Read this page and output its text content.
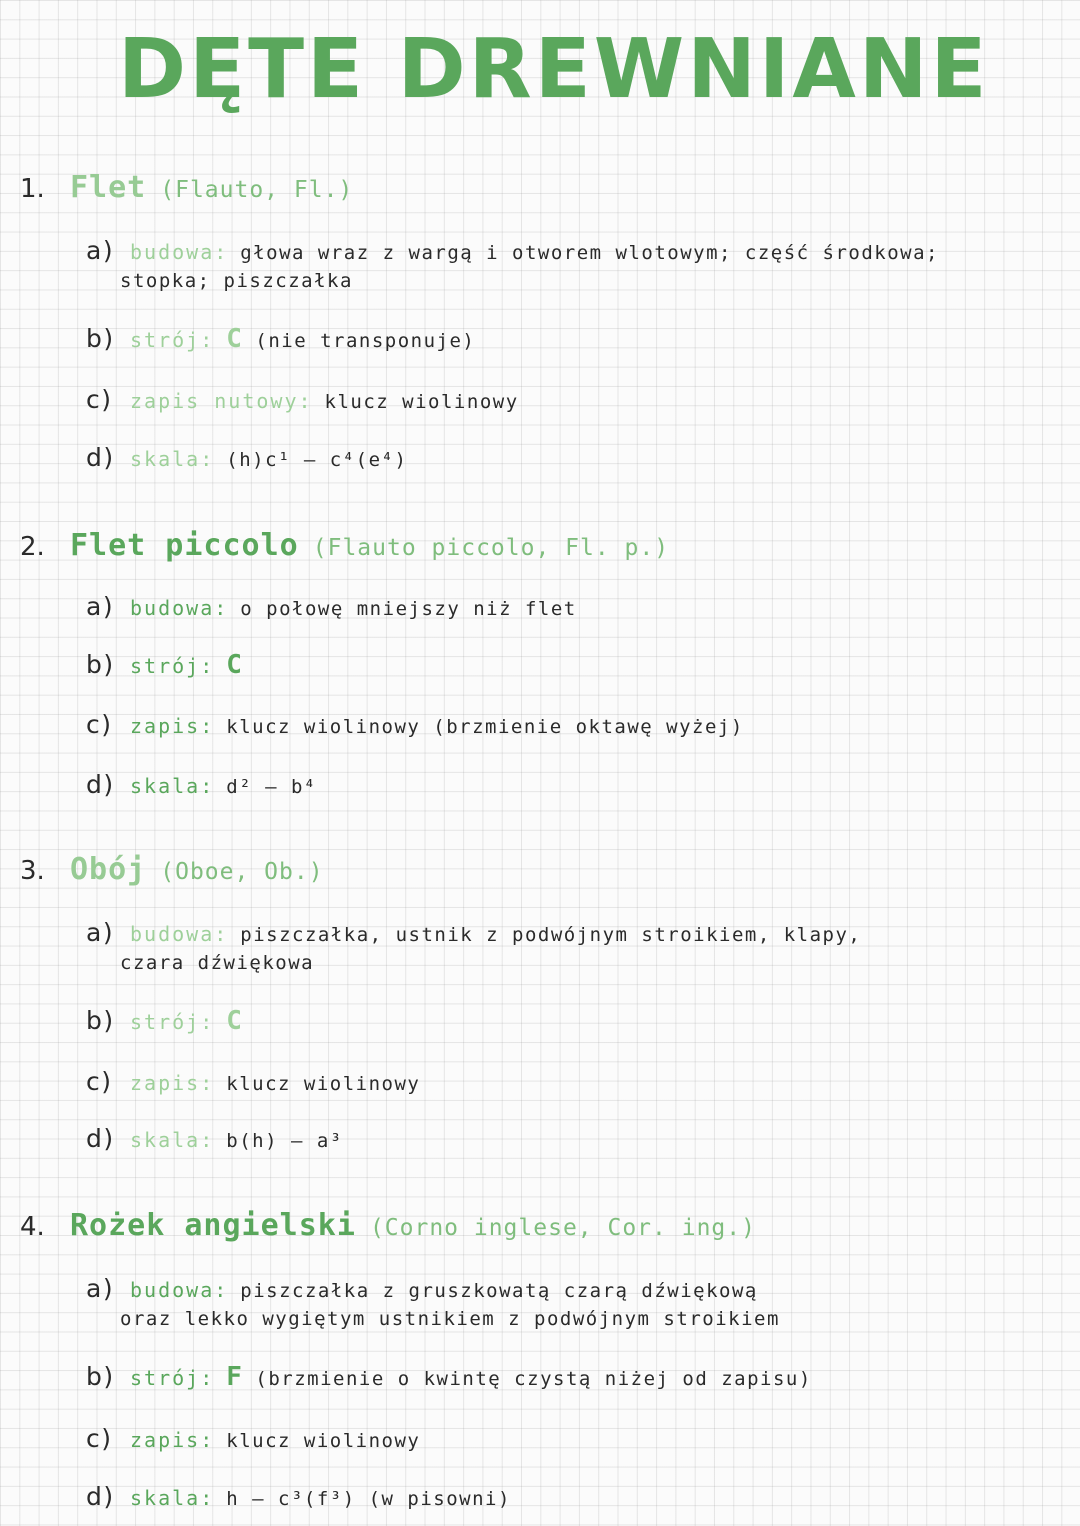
DĘTE DREWNIANE
1. Flet (Flauto, Fl.)
a) budowa: głowa wraz z wargą i otworem wlotowym; część środkowa;
stopka; piszczałka
b) strój: C (nie transponuje)
c) zapis nutowy: klucz wiolinowy
d) skala: (h)c¹ – c⁴(e⁴)
2. Flet piccolo (Flauto piccolo, Fl. p.)
a) budowa: o połowę mniejszy niż flet
b) strój: C
c) zapis: klucz wiolinowy (brzmienie oktawę wyżej)
d) skala: d² – b⁴
3. Obój (Oboe, Ob.)
a) budowa: piszczałka, ustnik z podwójnym stroikiem, klapy,
czara dźwiękowa
b) strój: C
c) zapis: klucz wiolinowy
d) skala: b(h) – a³
4. Rożek angielski (Corno inglese, Cor. ing.)
a) budowa: piszczałka z gruszkowatą czarą dźwiękową
oraz lekko wygiętym ustnikiem z podwójnym stroikiem
b) strój: F (brzmienie o kwintę czystą niżej od zapisu)
c) zapis: klucz wiolinowy
d) skala: h – c³(f³) (w pisowni)
